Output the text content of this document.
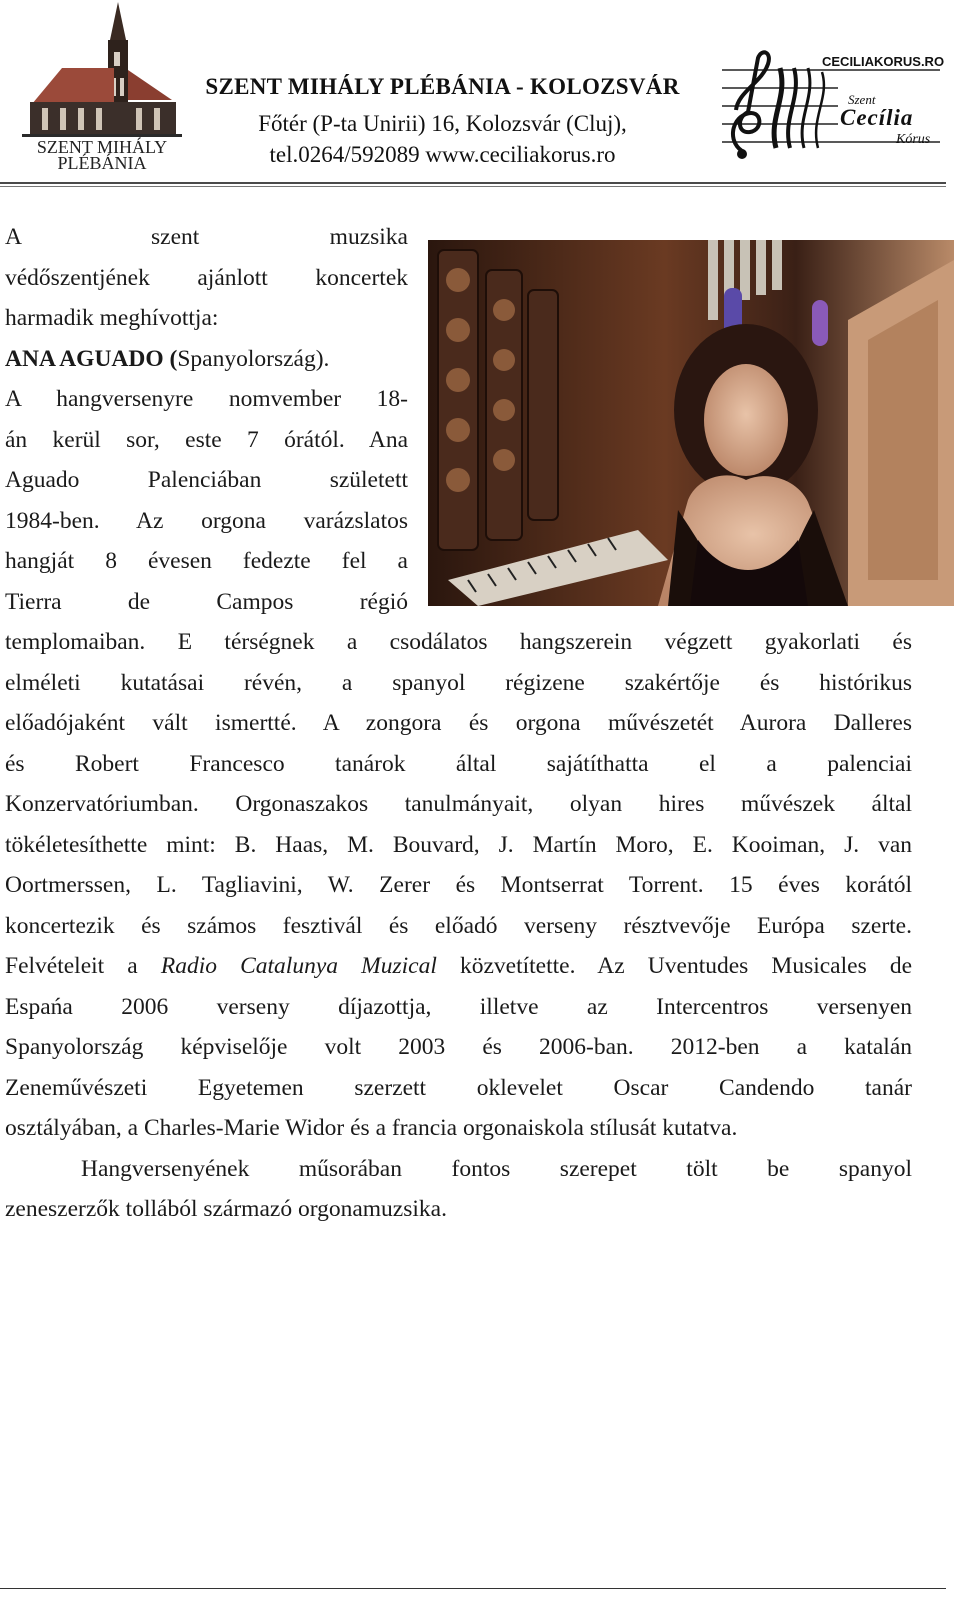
SZENT MIHÁLY
PLÉBÁNIA
SZENT MIHÁLY PLÉBÁNIA - KOLOZSVÁR
Főtér (P-ta Unirii) 16, Kolozsvár (Cluj),
tel.0264/592089 www.ceciliakorus.ro
CECILIAKORUS.RO
Szent
Cecília
Kórus
A szent muzsika
védőszentjének ajánlott koncertek
harmadik meghívottja:
ANA AGUADO (Spanyolország).
A hangversenyre nomvember 18-
án kerül sor, este 7 órától. Ana
Aguado Palenciában született
1984-ben. Az orgona varázslatos
hangját 8 évesen fedezte fel a
Tierra de Campos régió
templomaiban. E térségnek a csodálatos hangszerein végzett gyakorlati és
elméleti kutatásai révén, a spanyol régizene szakértője és histórikus
előadójaként vált ismertté. A zongora és orgona művészetét Aurora Dalleres
és Robert Francesco tanárok által sajátíthatta el a palenciai
Konzervatóriumban. Orgonaszakos tanulmányait, olyan hires művészek által
tökéletesíthette mint: B. Haas, M. Bouvard, J. Martín Moro, E. Kooiman, J. van
Oortmerssen, L. Tagliavini, W. Zerer és Montserrat Torrent. 15 éves korától
koncertezik és számos fesztivál és előadó verseny résztvevője Európa szerte.
Felvételeit a Radio Catalunya Muzical közvetítette. Az Uventudes Musicales de
Espańa 2006 verseny díjazottja, illetve az Intercentros versenyen
Spanyolország képviselője volt 2003 és 2006-ban. 2012-ben a katalán
Zeneművészeti Egyetemen szerzett oklevelet Oscar Candendo tanár
osztályában, a Charles-Marie Widor és a francia orgonaiskola stílusát kutatva.
Hangversenyének műsorában fontos szerepet tölt be spanyol
zeneszerzők tollából származó orgonamuzsika.
